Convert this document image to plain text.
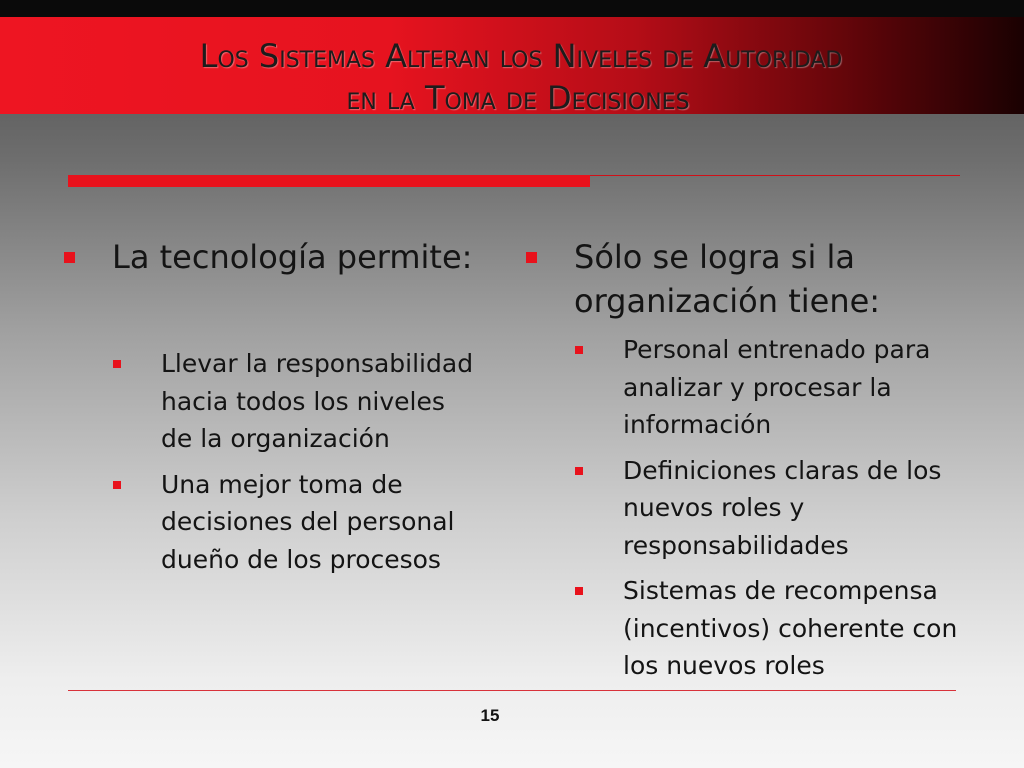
Los Sistemas Alteran los Niveles de Autoridad
en la Toma de Decisiones
La tecnología permite:
Llevar la responsabilidad hacia todos los niveles de la organización
Una mejor toma de decisiones del personal dueño de los procesos
Sólo se logra si la organización tiene:
Personal entrenado para analizar y procesar la información
Definiciones claras de los nuevos roles y responsabilidades
Sistemas de recompensa (incentivos) coherente con los nuevos roles
15
